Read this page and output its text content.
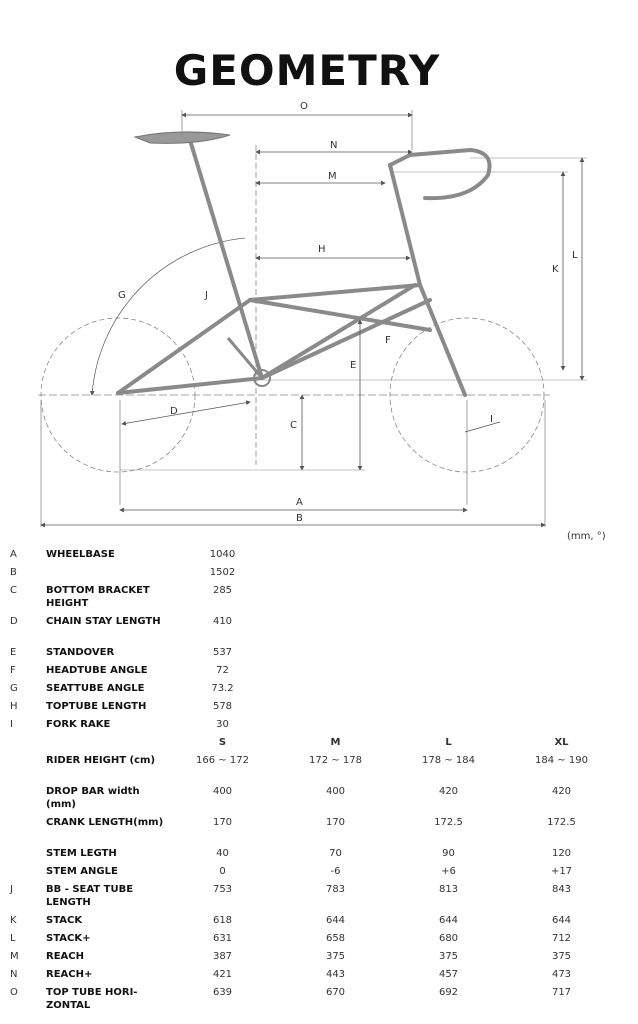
GEOMETRY
O
N
M
H
G	J
K
L
F
E
C
D
I
A
B
(mm, °)
A	WHEELBASE	1040			
B		1502			
C	BOTTOM BRACKET HEIGHT	285			
D	CHAIN STAY LENGTH	410			
E	STANDOVER	537			
F	HEADTUBE ANGLE	72			
G	SEATTUBE ANGLE	73.2			
H	TOPTUBE LENGTH	578			
I	FORK RAKE	30			
		S	M	L	XL
	RIDER HEIGHT (cm)	166 ~ 172	172 ~ 178	178 ~ 184	184 ~ 190
	DROP BAR width (mm)	400	400	420	420
	CRANK LENGTH(mm)	170	170	172.5	172.5
	STEM LEGTH	40	70	90	120
	STEM ANGLE	0	-6	+6	+17
J	BB - SEAT TUBE LENGTH	753	783	813	843
K	STACK	618	644	644	644
L	STACK+	631	658	680	712
M	REACH	387	375	375	375
N	REACH+	421	443	457	473
O	TOP TUBE HORI-ZONTAL	639	670	692	717
